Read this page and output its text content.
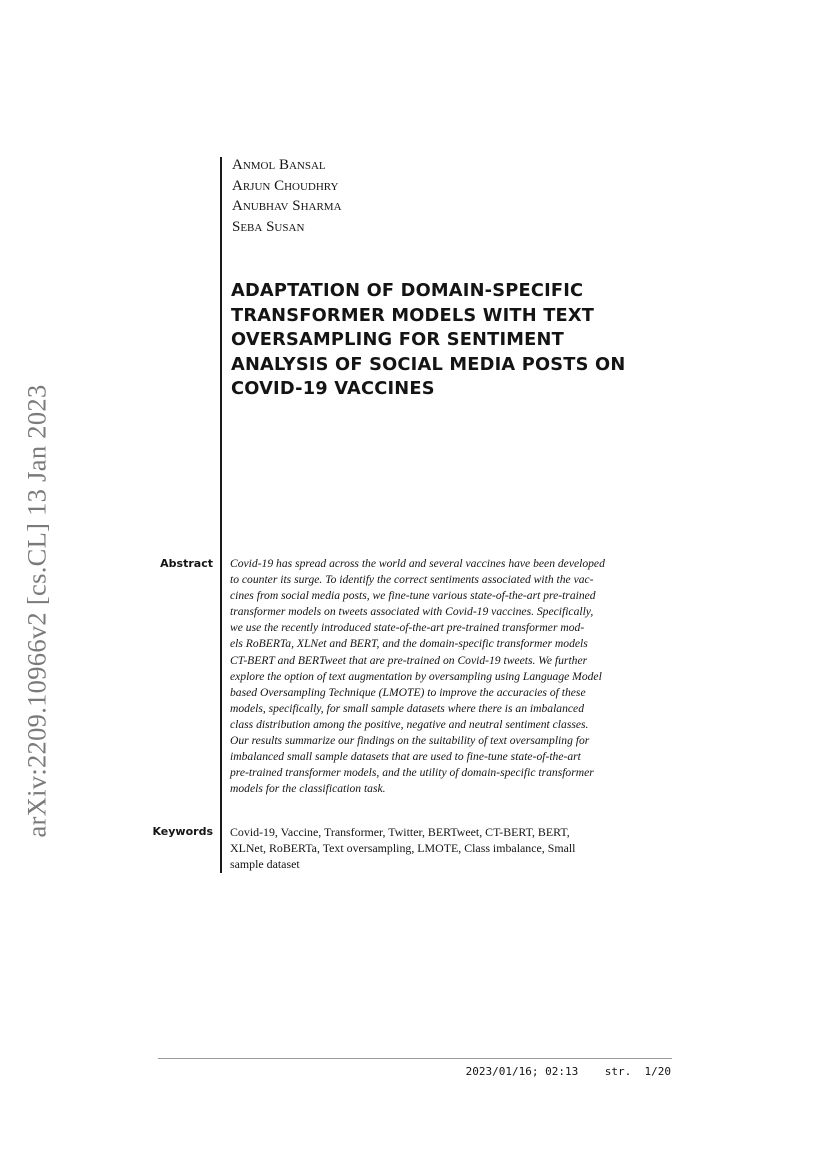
arXiv:2209.10966v2 [cs.CL] 13 Jan 2023
Anmol Bansal
Arjun Choudhry
Anubhav Sharma
Seba Susan
ADAPTATION OF DOMAIN-SPECIFIC
TRANSFORMER MODELS WITH TEXT
OVERSAMPLING FOR SENTIMENT
ANALYSIS OF SOCIAL MEDIA POSTS ON
COVID-19 VACCINES
Abstract Covid-19 has spread across the world and several vaccines have been developed
to counter its surge. To identify the correct sentiments associated with the vac-
cines from social media posts, we fine-tune various state-of-the-art pre-trained
transformer models on tweets associated with Covid-19 vaccines. Specifically,
we use the recently introduced state-of-the-art pre-trained transformer mod-
els RoBERTa, XLNet and BERT, and the domain-specific transformer models
CT-BERT and BERTweet that are pre-trained on Covid-19 tweets. We further
explore the option of text augmentation by oversampling using Language Model
based Oversampling Technique (LMOTE) to improve the accuracies of these
models, specifically, for small sample datasets where there is an imbalanced
class distribution among the positive, negative and neutral sentiment classes.
Our results summarize our findings on the suitability of text oversampling for
imbalanced small sample datasets that are used to fine-tune state-of-the-art
pre-trained transformer models, and the utility of domain-specific transformer
models for the classification task.
Keywords Covid-19, Vaccine, Transformer, Twitter, BERTweet, CT-BERT, BERT,
XLNet, RoBERTa, Text oversampling, LMOTE, Class imbalance, Small
sample dataset
2023/01/16; 02:13 str. 1/20
